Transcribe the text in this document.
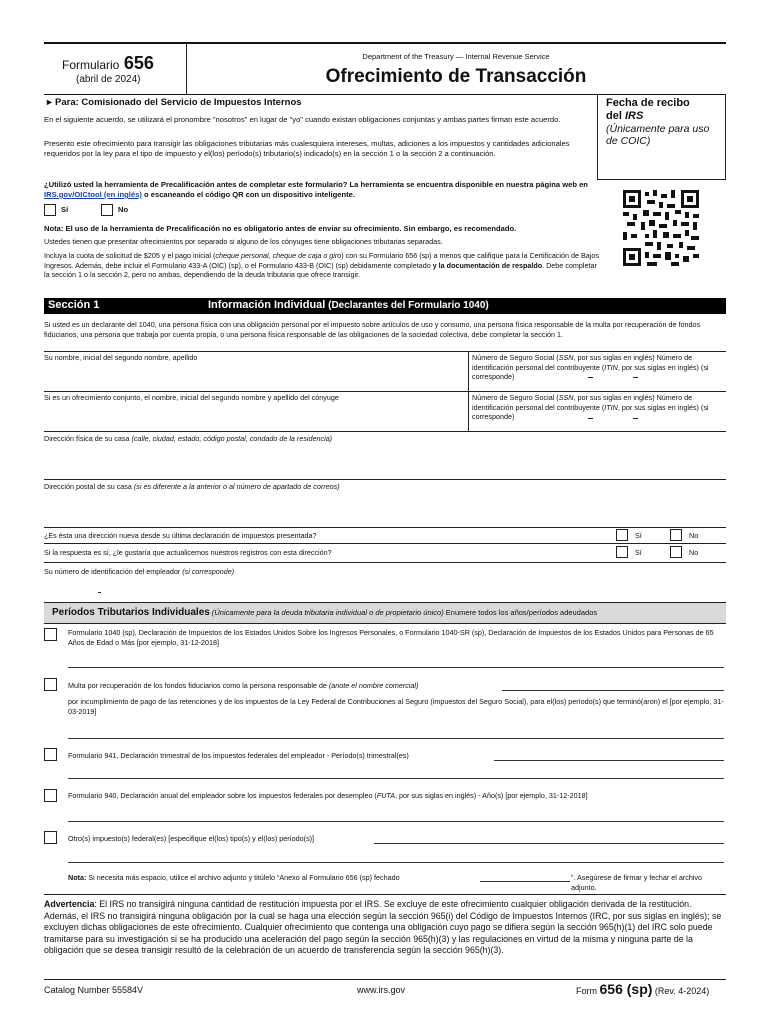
Formulario 656
(abril de 2024)
Department of the Treasury — Internal Revenue Service
Ofrecimiento de Transacción
► Para: Comisionado del Servicio de Impuestos Internos	Fecha de recibo
del IRS
(Únicamente para uso de COIC)
En el siguiente acuerdo, se utilizará el pronombre "nosotros" en lugar de "yo" cuando existan obligaciones conjuntas y ambas partes firman este acuerdo.
Presento este ofrecimiento para transigir las obligaciones tributarias más cualesquiera intereses, multas, adiciones a los impuestos y cantidades adicionales requeridos por la ley para el tipo de impuesto y el(los) período(s) tributario(s) indicado(s) en la sección 1 o la sección 2 a continuación.
¿Utilizó usted la herramienta de Precalificación antes de completar este formulario? La herramienta se encuentra disponible en nuestra página web en IRS.gov/OICtool (en inglés) o escaneando el código QR con un dispositivo inteligente.
Sí	No
Nota: El uso de la herramienta de Precalificación no es obligatorio antes de enviar su ofrecimiento. Sin embargo, es recomendado.
Ustedes tienen que presentar ofrecimientos por separado si alguno de los cónyuges tiene obligaciones tributarias separadas.
Incluya la cuota de solicitud de $205 y el pago inicial (cheque personal, cheque de caja o giro) con su Formulario 656 (sp) a menos que califique para la Certificación de Bajos Ingresos. Además, debe incluir el Formulario 433-A (OIC) (sp), o el Formulario 433-B (OIC) (sp) debidamente completado y la documentación de respaldo. Debe completar la sección 1 o la sección 2, pero no ambas, dependiendo de la deuda tributaria que ofrece transigir.
Sección 1	Información Individual (Declarantes del Formulario 1040)
Si usted es un declarante del 1040, una persona física con una obligación personal por el impuesto sobre artículos de uso y consumo, una persona física responsable de la multa por recuperación de fondos fiduciarios, una persona que trabaja por cuenta propia, o una persona física responsable de las obligaciones de la sociedad colectiva, debe completar la sección 1.
Su nombre, inicial del segundo nombre, apellido	Número de Seguro Social (SSN, por sus siglas en inglés) Número de identificación personal del contribuyente (ITIN, por sus siglas en inglés) (si corresponde)
Si es un ofrecimiento conjunto, el nombre, inicial del segundo nombre y apellido del cónyuge	Número de Seguro Social (SSN, por sus siglas en inglés) Número de identificación personal del contribuyente (ITIN, por sus siglas en inglés) (si corresponde)
Dirección física de su casa (calle, ciudad, estado, código postal, condado de la residencia)
Dirección postal de su casa (si es diferente a la anterior o al número de apartado de correos)
¿Es ésta una dirección nueva desde su última declaración de impuestos presentada?	Sí	No
Si la respuesta es sí, ¿le gustaría que actualicemos nuestros registros con esta dirección?	Sí	No
Su número de identificación del empleador (si corresponde)
Períodos Tributarios Individuales (Únicamente para la deuda tributaria individual o de propietario único) Enumere todos los años/períodos adeudados
Formulario 1040 (sp), Declaración de Impuestos de los Estados Unidos Sobre los Ingresos Personales, o Formulario 1040-SR (sp), Declaración de Impuestos de los Estados Unidos para Personas de 65 Años de Edad o Más [por ejemplo, 31-12-2018]
Multa por recuperación de los fondos fiduciarios como la persona responsable de (anote el nombre comercial)
por incumplimiento de pago de las retenciones y de los impuestos de la Ley Federal de Contribuciones al Seguro (impuestos del Seguro Social), para el(los) período(s) que terminó(aron) el [por ejemplo, 31-03-2019]
Formulario 941, Declaración trimestral de los impuestos federales del empleador - Período(s) trimestral(es)
Formulario 940, Declaración anual del empleador sobre los impuestos federales por desempleo (FUTA, por sus siglas en inglés) - Año(s) [por ejemplo, 31-12-2018]
Otro(s) impuesto(s) federal(es) [especifique el(los) tipo(s) y el(los) período(s)]
Nota: Si necesita más espacio, utilice el archivo adjunto y titúlelo “Anexo al Formulario 656 (sp) fechado	”. Asegúrese de firmar y fechar el archivo adjunto.
Advertencia: El IRS no transigirá ninguna cantidad de restitución impuesta por el IRS. Se excluye de este ofrecimiento cualquier obligación derivada de la restitución. Además, el IRS no transigirá ninguna obligación por la cual se haga una elección según la sección 965(i) del Código de Impuestos Internos (IRC, por sus siglas en inglés); se excluyen dichas obligaciones de este ofrecimiento. Cualquier ofrecimiento que contenga una obligación cuyo pago se difiera según la sección 965(h)(1) del IRC solo puede tramitarse para su investigación si se ha producido una aceleración del pago según la sección 965(h)(3) y las regulaciones en virtud de la misma y ninguna parte de la obligación que se desea transigir resultó de la celebración de un acuerdo de transferencia según la sección 965(h)(3).
Catalog Number 55584V	www.irs.gov	Form 656 (sp) (Rev. 4-2024)
